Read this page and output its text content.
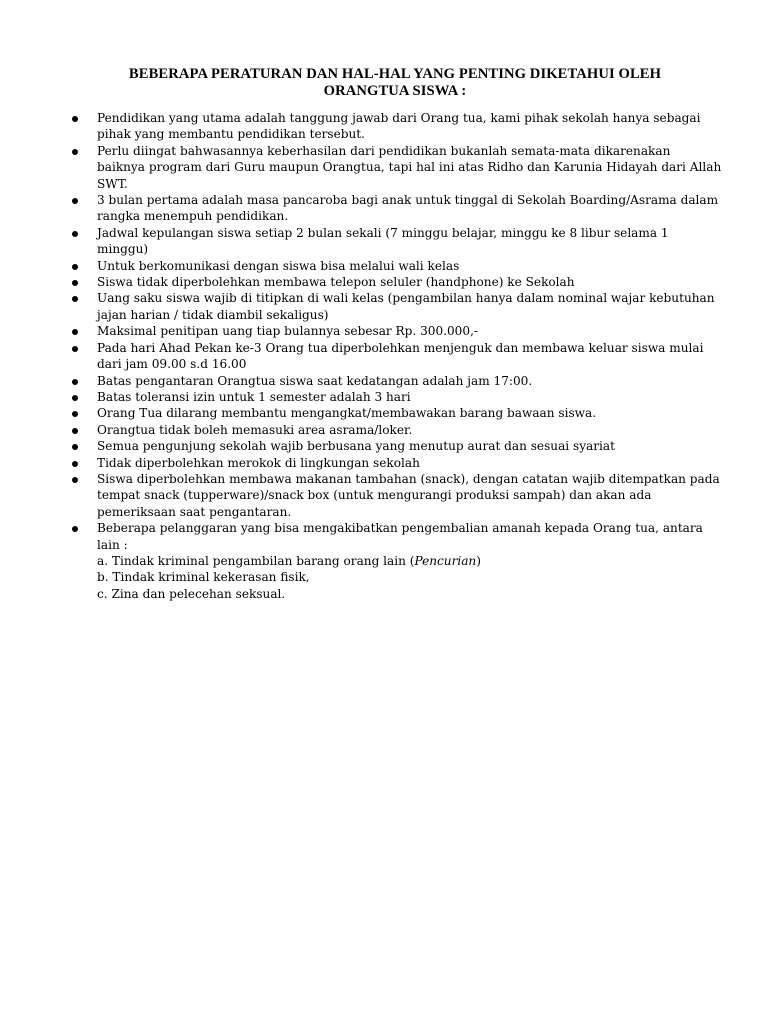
BEBERAPA PERATURAN DAN HAL-HAL YANG PENTING DIKETAHUI OLEH
ORANGTUA SISWA :
Pendidikan yang utama adalah tanggung jawab dari Orang tua, kami pihak sekolah hanya sebagai pihak yang membantu pendidikan tersebut.
Perlu diingat bahwasannya keberhasilan dari pendidikan bukanlah semata-mata dikarenakan baiknya program dari Guru maupun Orangtua, tapi hal ini atas Ridho dan Karunia Hidayah dari Allah SWT.
3 bulan pertama adalah masa pancaroba bagi anak untuk tinggal di Sekolah Boarding/Asrama dalam rangka menempuh pendidikan.
Jadwal kepulangan siswa setiap 2 bulan sekali (7 minggu belajar, minggu ke 8 libur selama 1 minggu)
Untuk berkomunikasi dengan siswa bisa melalui wali kelas
Siswa tidak diperbolehkan membawa telepon seluler (handphone) ke Sekolah
Uang saku siswa wajib di titipkan di wali kelas (pengambilan hanya dalam nominal wajar kebutuhan jajan harian / tidak diambil sekaligus)
Maksimal penitipan uang tiap bulannya sebesar Rp. 300.000,-
Pada hari Ahad Pekan ke-3 Orang tua diperbolehkan menjenguk dan membawa keluar siswa mulai dari jam 09.00 s.d 16.00
Batas pengantaran Orangtua siswa saat kedatangan adalah jam 17:00.
Batas toleransi izin untuk 1 semester adalah 3 hari
Orang Tua dilarang membantu mengangkat/membawakan barang bawaan siswa.
Orangtua tidak boleh memasuki area asrama/loker.
Semua pengunjung sekolah wajib berbusana yang menutup aurat dan sesuai syariat
Tidak diperbolehkan merokok di lingkungan sekolah
Siswa diperbolehkan membawa makanan tambahan (snack), dengan catatan wajib ditempatkan pada tempat snack (tupperware)/snack box (untuk mengurangi produksi sampah) dan akan ada pemeriksaan saat pengantaran.
Beberapa pelanggaran yang bisa mengakibatkan pengembalian amanah kepada Orang tua, antara lain :
a. Tindak kriminal pengambilan barang orang lain (Pencurian)
b. Tindak kriminal kekerasan fisik,
c. Zina dan pelecehan seksual.
